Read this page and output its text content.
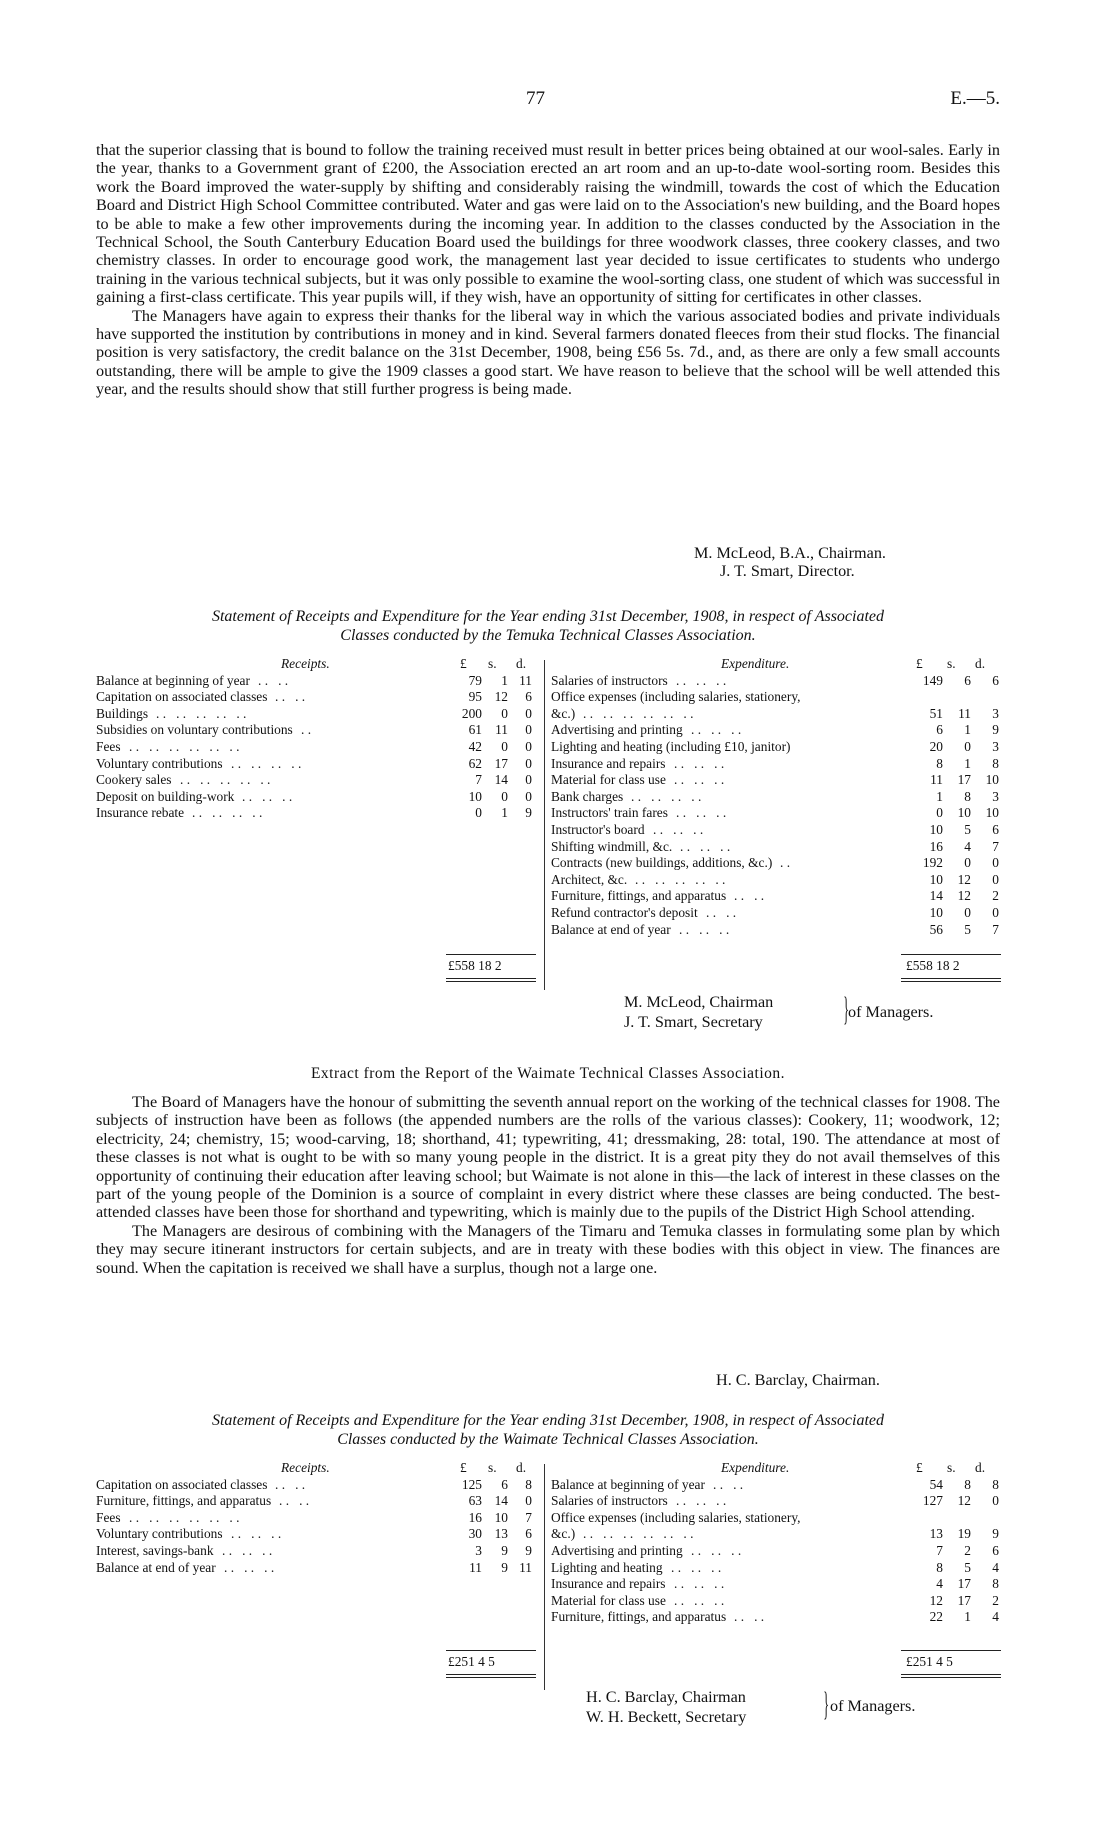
77	E.—5.

that the superior classing that is bound to follow the training received must result in better prices being obtained at our wool-sales. Early in the year, thanks to a Government grant of £200, the Association erected an art room and an up-to-date wool-sorting room. Besides this work the Board improved the water-supply by shifting and considerably raising the windmill, towards the cost of which the Education Board and District High School Committee contributed. Water and gas were laid on to the Association's new building, and the Board hopes to be able to make a few other improvements during the incoming year. In addition to the classes conducted by the Association in the Technical School, the South Canterbury Education Board used the buildings for three woodwork classes, three cookery classes, and two chemistry classes. In order to encourage good work, the management last year decided to issue certificates to students who undergo training in the various technical subjects, but it was only possible to examine the wool-sorting class, one student of which was successful in gaining a first-class certificate. This year pupils will, if they wish, have an opportunity of sitting for certificates in other classes.

The Managers have again to express their thanks for the liberal way in which the various associated bodies and private individuals have supported the institution by contributions in money and in kind. Several farmers donated fleeces from their stud flocks. The financial position is very satisfactory, the credit balance on the 31st December, 1908, being £56 5s. 7d., and, as there are only a few small accounts outstanding, there will be ample to give the 1909 classes a good start. We have reason to believe that the school will be well attended this year, and the results should show that still further progress is being made.

M. McLeod, B.A., Chairman.
J. T. Smart, Director.
Statement of Receipts and Expenditure for the Year ending 31st December, 1908, in respect of Associated
Classes conducted by the Temuka Technical Classes Association.
Receipts.	£ s. d.
Balance at beginning of year . .   . .	79 1 11
Capitation on associated classes . .   . .	95 12 6
Buildings . .   . .   . .   . .   . .	200 0 0
Subsidies on voluntary contributions . .	61 11 0
Fees . .   . .   . .   . .   . .   . .	42 0 0
Voluntary contributions . .   . .   . .   . .	62 17 0
Cookery sales . .   . .   . .   . .   . .	7 14 0
Deposit on building-work . .   . .   . .	10 0 0
Insurance rebate . .   . .   . .   . .	0 1 9
Expenditure.	£ s. d.
Salaries of instructors . .   . .   . .	149 6 6
Office expenses (including salaries, stationery,
&c.) . .   . .   . .   . .   . .   . .	51 11 3
Advertising and printing . .   . .   . .	6 1 9
Lighting and heating (including £10, janitor)	20 0 3
Insurance and repairs . .   . .   . .	8 1 8
Material for class use . .   . .   . .	11 17 10
Bank charges . .   . .   . .   . .	1 8 3
Instructors' train fares . .   . .   . .	0 10 10
Instructor's board . .   . .   . .	10 5 6
Shifting windmill, &c. . .   . .   . .	16 4 7
Contracts (new buildings, additions, &c.) . .	192 0 0
Architect, &c. . .   . .   . .   . .   . .	10 12 0
Furniture, fittings, and apparatus . .   . .	14 12 2
Refund contractor's deposit . .   . .	10 0 0
Balance at end of year . .   . .   . .	56 5 7
£558 18 2	£558 18 2
M. McLeod, Chairman
J. T. Smart, Secretary }
of Managers.
Extract from the Report of the Waimate Technical Classes Association.

The Board of Managers have the honour of submitting the seventh annual report on the working of the technical classes for 1908. The subjects of instruction have been as follows (the appended numbers are the rolls of the various classes): Cookery, 11; woodwork, 12; electricity, 24; chemistry, 15; wood-carving, 18; shorthand, 41; typewriting, 41; dressmaking, 28: total, 190. The attendance at most of these classes is not what is ought to be with so many young people in the district. It is a great pity they do not avail themselves of this opportunity of continuing their education after leaving school; but Waimate is not alone in this—the lack of interest in these classes on the part of the young people of the Dominion is a source of complaint in every district where these classes are being conducted. The best-attended classes have been those for shorthand and typewriting, which is mainly due to the pupils of the District High School attending.

The Managers are desirous of combining with the Managers of the Timaru and Temuka classes in formulating some plan by which they may secure itinerant instructors for certain subjects, and are in treaty with these bodies with this object in view. The finances are sound. When the capitation is received we shall have a surplus, though not a large one.

H. C. Barclay, Chairman.
Statement of Receipts and Expenditure for the Year ending 31st December, 1908, in respect of Associated
Classes conducted by the Waimate Technical Classes Association.
Receipts.	£ s. d.
Capitation on associated classes . .   . .	125 6 8
Furniture, fittings, and apparatus . .   . .	63 14 0
Fees . .   . .   . .   . .   . .   . .	16 10 7
Voluntary contributions . .   . .   . .	30 13 6
Interest, savings-bank . .   . .   . .	3 9 9
Balance at end of year . .   . .   . .	11 9 11
Expenditure.	£ s. d.
Balance at beginning of year . .   . .	54 8 8
Salaries of instructors . .   . .   . .	127 12 0
Office expenses (including salaries, stationery,
&c.) . .   . .   . .   . .   . .   . .	13 19 9
Advertising and printing . .   . .   . .	7 2 6
Lighting and heating . .   . .   . .	8 5 4
Insurance and repairs . .   . .   . .	4 17 8
Material for class use . .   . .   . .	12 17 2
Furniture, fittings, and apparatus . .   . .	22 1 4
£251 4 5	£251 4 5
H. C. Barclay, Chairman
W. H. Beckett, Secretary } of Managers.
